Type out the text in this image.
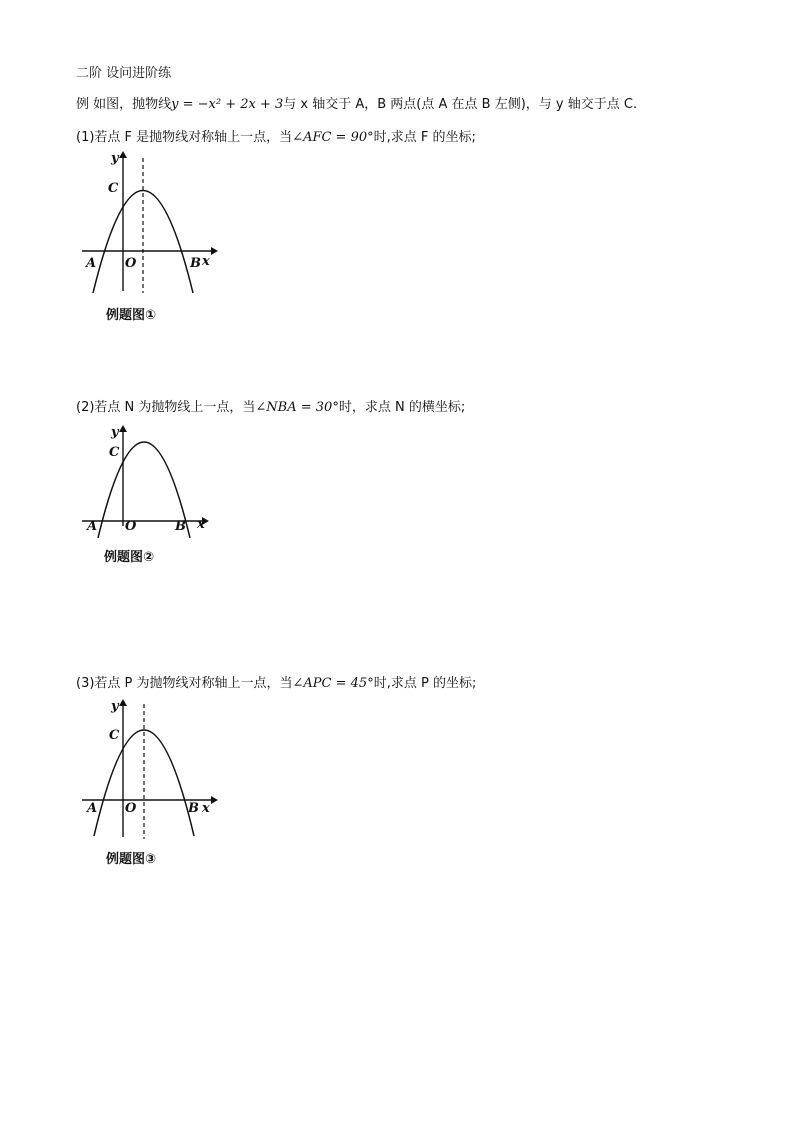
二阶 设问进阶练
例 如图，抛物线y = −x² + 2x + 3与 x 轴交于 A，B 两点(点 A 在点 B 左侧)，与 y 轴交于点 C.
(1)若点 F 是抛物线对称轴上一点，当∠AFC = 90°时,求点 F 的坐标;
y
C
A O	B x
例题图①
(2)若点 N 为抛物线上一点，当∠NBA = 30°时，求点 N 的横坐标;
y
C
A O	B x
例题图②
(3)若点 P 为抛物线对称轴上一点，当∠APC = 45°时,求点 P 的坐标;
y
C
A O	B x
例题图③
